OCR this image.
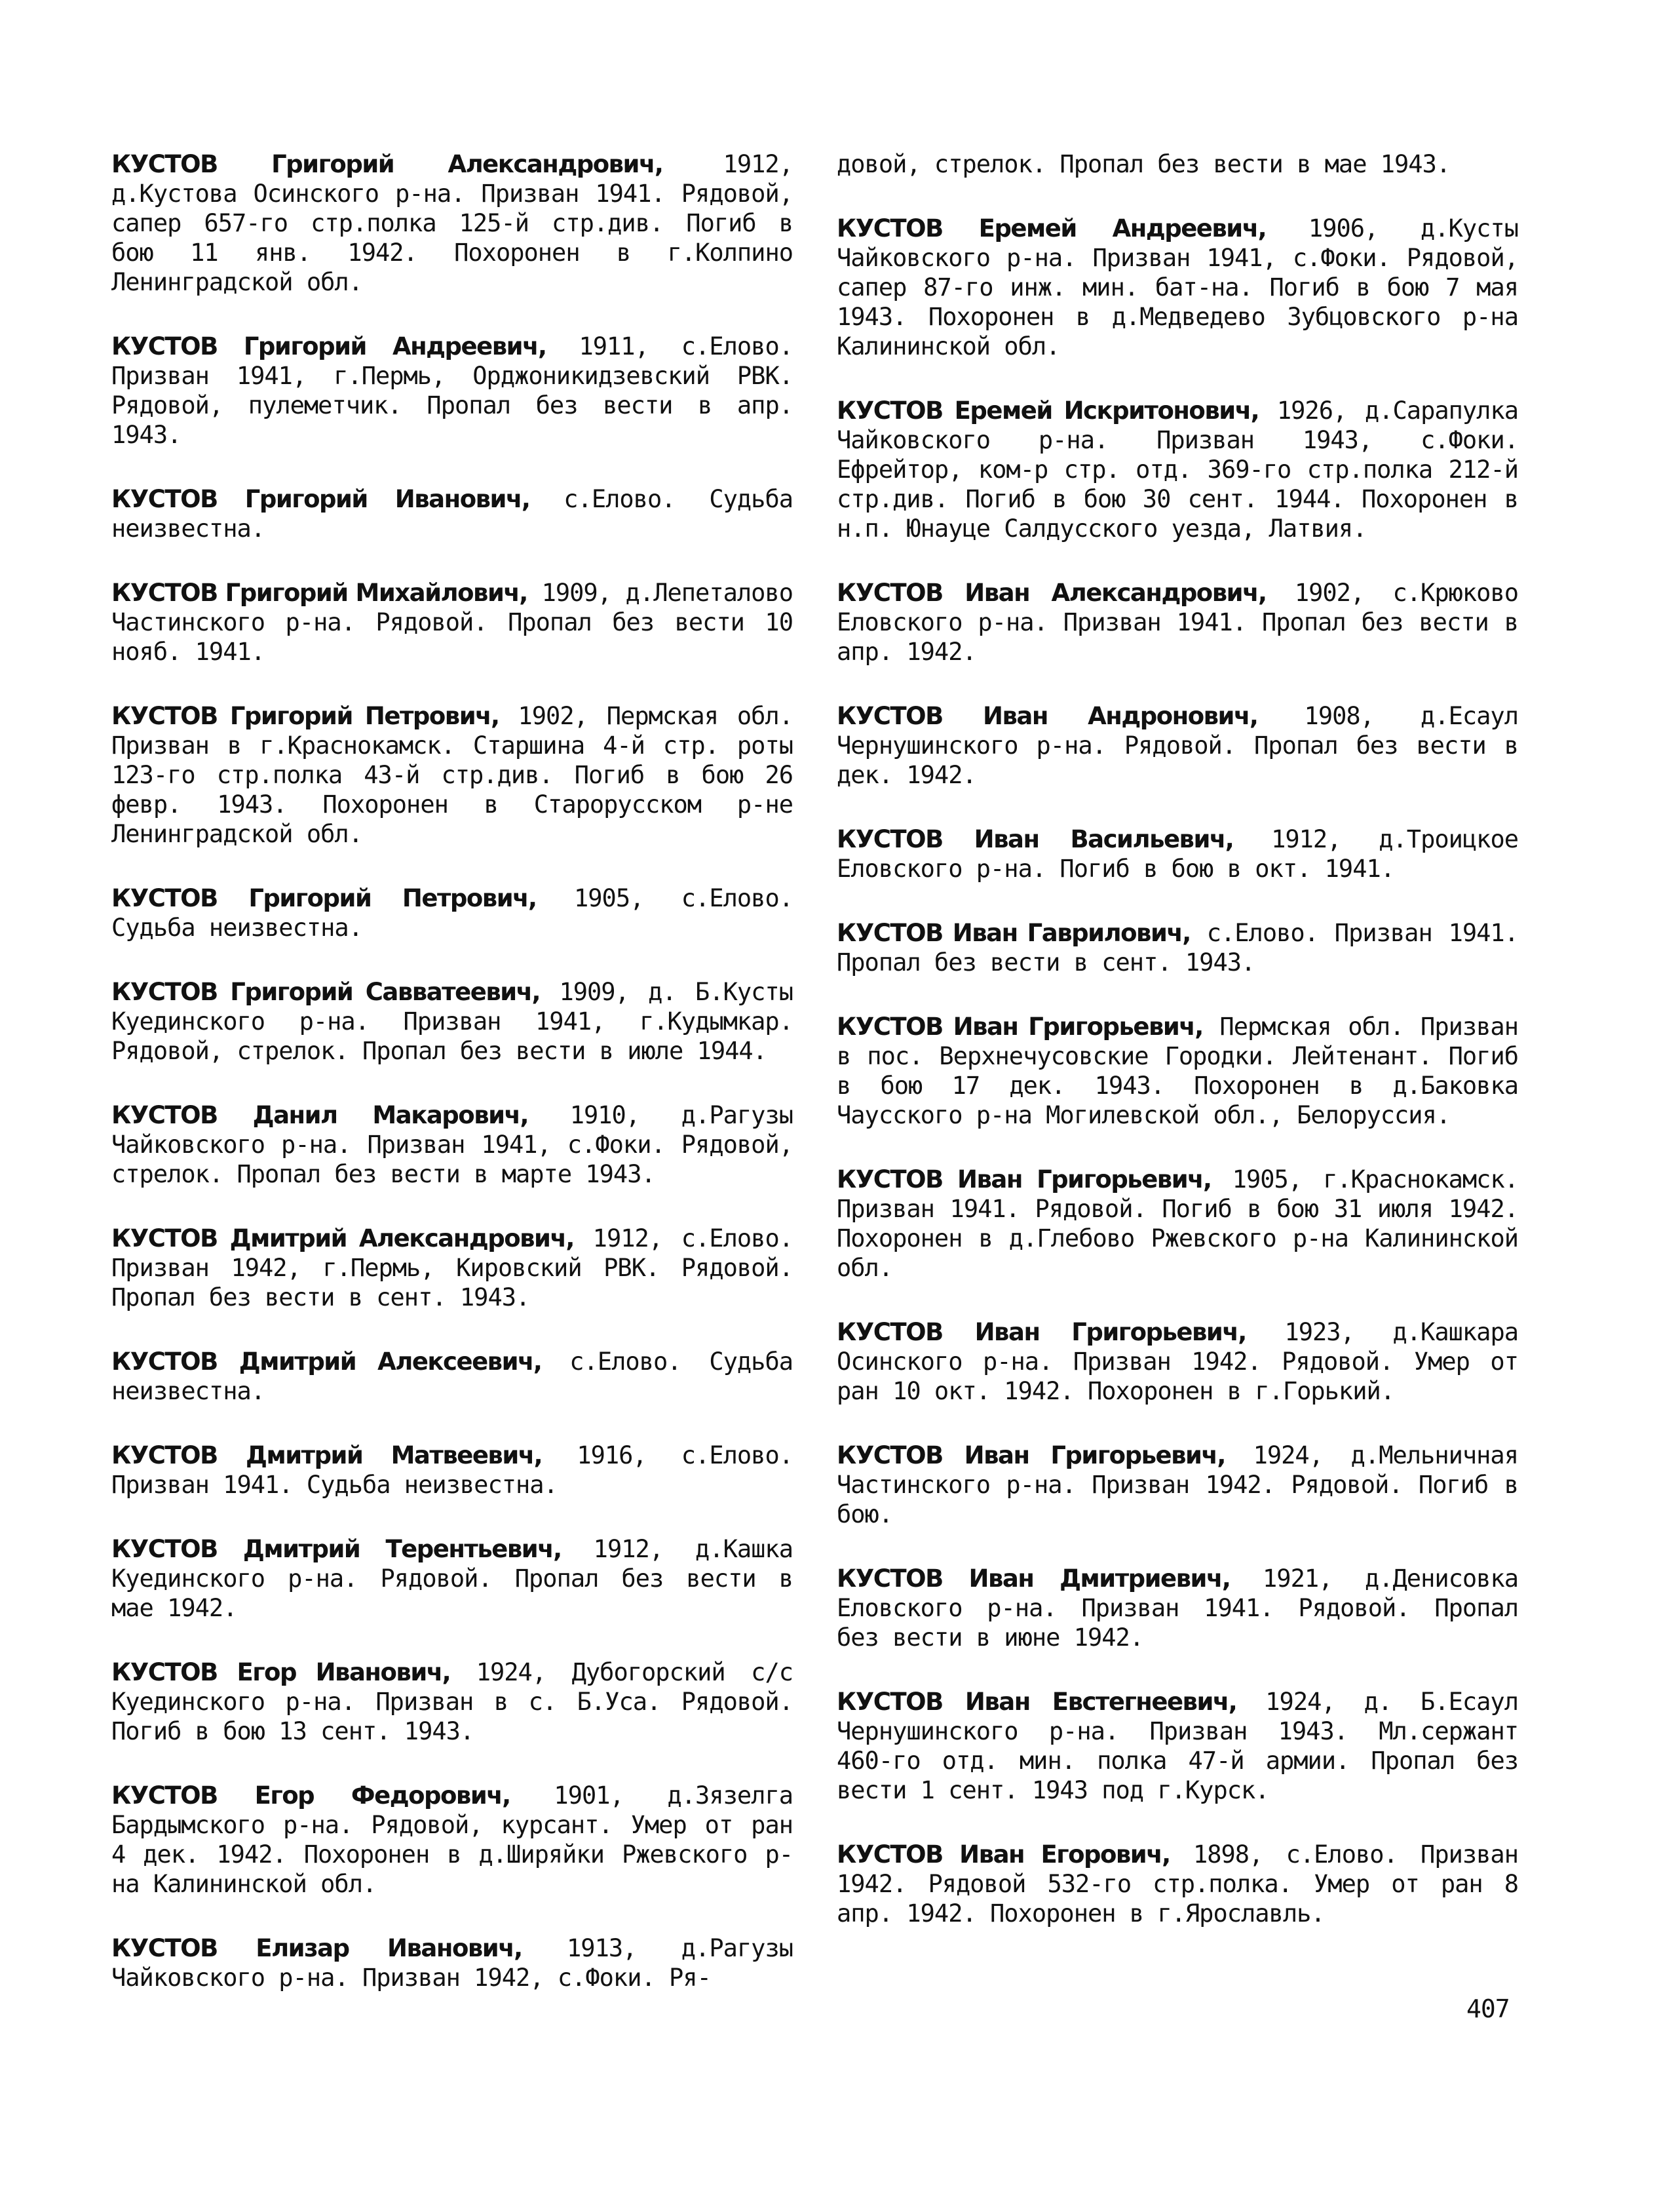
КУСТОВ Григорий Александрович, 1912, д.Кустова Осинского р-на. Призван 1941. Рядовой, сапер 657-го стр.полка 125-й стр.див. Погиб в бою 11 янв. 1942. Похоронен в г.Колпино Ленинградской обл.

КУСТОВ Григорий Андреевич, 1911, с.Елово. Призван 1941, г.Пермь, Орджоникидзевский РВК. Рядовой, пулеметчик. Пропал без вести в апр. 1943.

КУСТОВ Григорий Иванович, с.Елово. Судьба неизвестна.

КУСТОВ Григорий Михайлович, 1909, д.Лепеталово Частинского р-на. Рядовой. Пропал без вести 10 нояб. 1941.

КУСТОВ Григорий Петрович, 1902, Пермская обл. Призван в г.Краснокамск. Старшина 4-й стр. роты 123-го стр.полка 43-й стр.див. Погиб в бою 26 февр. 1943. Похоронен в Старорусском р-не Ленинградской обл.

КУСТОВ Григорий Петрович, 1905, с.Елово. Судьба неизвестна.

КУСТОВ Григорий Савватеевич, 1909, д. Б.Кусты Куединского р-на. Призван 1941, г.Кудымкар. Рядовой, стрелок. Пропал без вести в июле 1944.

КУСТОВ Данил Макарович, 1910, д.Рагузы Чайковского р-на. Призван 1941, с.Фоки. Рядовой, стрелок. Пропал без вести в марте 1943.

КУСТОВ Дмитрий Александрович, 1912, с.Елово. Призван 1942, г.Пермь, Кировский РВК. Рядовой. Пропал без вести в сент. 1943.

КУСТОВ Дмитрий Алексеевич, с.Елово. Судьба неизвестна.

КУСТОВ Дмитрий Матвеевич, 1916, с.Елово. Призван 1941. Судьба неизвестна.

КУСТОВ Дмитрий Терентьевич, 1912, д.Кашка Куединского р-на. Рядовой. Пропал без вести в мае 1942.

КУСТОВ Егор Иванович, 1924, Дубогорский с/с Куединского р-на. Призван в с. Б.Уса. Рядовой. Погиб в бою 13 сент. 1943.

КУСТОВ Егор Федорович, 1901, д.Зязелга Бардымского р-на. Рядовой, курсант. Умер от ран 4 дек. 1942. Похоронен в д.Ширяйки Ржевского р-на Калининской обл.

КУСТОВ Елизар Иванович, 1913, д.Рагузы Чайковского р-на. Призван 1942, с.Фоки. Ря-

довой, стрелок. Пропал без вести в мае 1943.

КУСТОВ Еремей Андреевич, 1906, д.Кусты Чайковского р-на. Призван 1941, с.Фоки. Рядовой, сапер 87-го инж. мин. бат-на. Погиб в бою 7 мая 1943. Похоронен в д.Медведево Зубцовского р-на Калининской обл.

КУСТОВ Еремей Искритонович, 1926, д.Сарапулка Чайковского р-на. Призван 1943, с.Фоки. Ефрейтор, ком-р стр. отд. 369-го стр.полка 212-й стр.див. Погиб в бою 30 сент. 1944. Похоронен в н.п. Юнауце Салдусского уезда, Латвия.

КУСТОВ Иван Александрович, 1902, с.Крюково Еловского р-на. Призван 1941. Пропал без вести в апр. 1942.

КУСТОВ Иван Андронович, 1908, д.Есаул Чернушинского р-на. Рядовой. Пропал без вести в дек. 1942.

КУСТОВ Иван Васильевич, 1912, д.Троицкое Еловского р-на. Погиб в бою в окт. 1941.

КУСТОВ Иван Гаврилович, с.Елово. Призван 1941. Пропал без вести в сент. 1943.

КУСТОВ Иван Григорьевич, Пермская обл. Призван в пос. Верхнечусовские Городки. Лейтенант. Погиб в бою 17 дек. 1943. Похоронен в д.Баковка Чаусского р-на Могилевской обл., Белоруссия.

КУСТОВ Иван Григорьевич, 1905, г.Краснокамск. Призван 1941. Рядовой. Погиб в бою 31 июля 1942. Похоронен в д.Глебово Ржевского р-на Калининской обл.

КУСТОВ Иван Григорьевич, 1923, д.Кашкара Осинского р-на. Призван 1942. Рядовой. Умер от ран 10 окт. 1942. Похоронен в г.Горький.

КУСТОВ Иван Григорьевич, 1924, д.Мельничная Частинского р-на. Призван 1942. Рядовой. Погиб в бою.

КУСТОВ Иван Дмитриевич, 1921, д.Денисовка Еловского р-на. Призван 1941. Рядовой. Пропал без вести в июне 1942.

КУСТОВ Иван Евстегнеевич, 1924, д. Б.Есаул Чернушинского р-на. Призван 1943. Мл.сержант 460-го отд. мин. полка 47-й армии. Пропал без вести 1 сент. 1943 под г.Курск.

КУСТОВ Иван Егорович, 1898, с.Елово. Призван 1942. Рядовой 532-го стр.полка. Умер от ран 8 апр. 1942. Похоронен в г.Ярославль.

407
